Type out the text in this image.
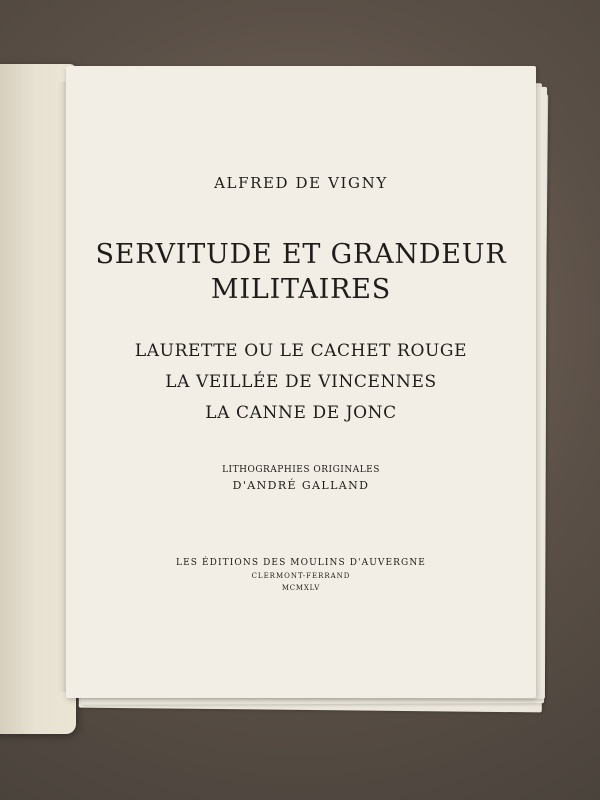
ALFRED DE VIGNY

SERVITUDE ET GRANDEUR

MILITAIRES

LAURETTE OU LE CACHET ROUGE

LA VEILLÉE DE VINCENNES

LA CANNE DE JONC

LITHOGRAPHIES ORIGINALES

D'ANDRÉ GALLAND

LES ÉDITIONS DES MOULINS D'AUVERGNE

CLERMONT-FERRAND

MCMXLV
